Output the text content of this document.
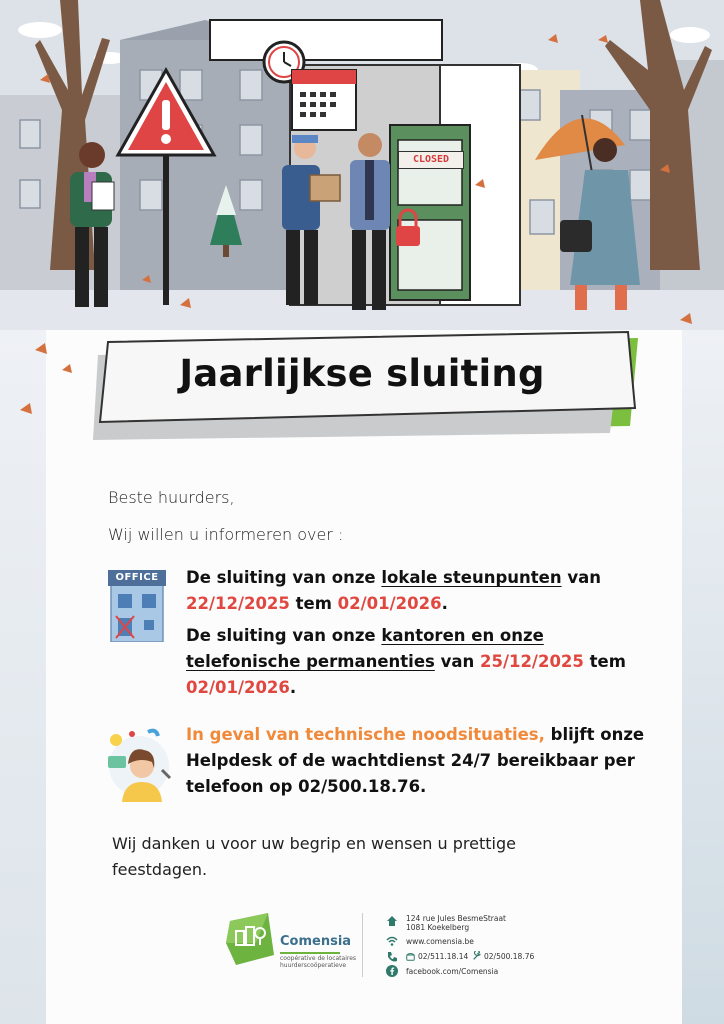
CLOSED
Jaarlijkse sluiting
Beste huurders,
Wij willen u informeren over :
OFFICE	De sluiting van onze lokale steunpunten van
22/12/2025 tem 02/01/2026.
De sluiting van onze kantoren en onze
telefonische permanenties van 25/12/2025 tem
02/01/2026.
In geval van technische noodsituaties, blijft onze
Helpdesk of de wachtdienst 24/7 bereikbaar per
telefoon op 02/500.18.76.
Wij danken u voor uw begrip en wensen u prettige
feestdagen.
Comensia
coopérative de locataires
huurderscoöperatieve
124 rue Jules BesmeStraat
1081 Koekelberg
www.comensia.be
02/511.18.14 02/500.18.76
facebook.com/Comensia
